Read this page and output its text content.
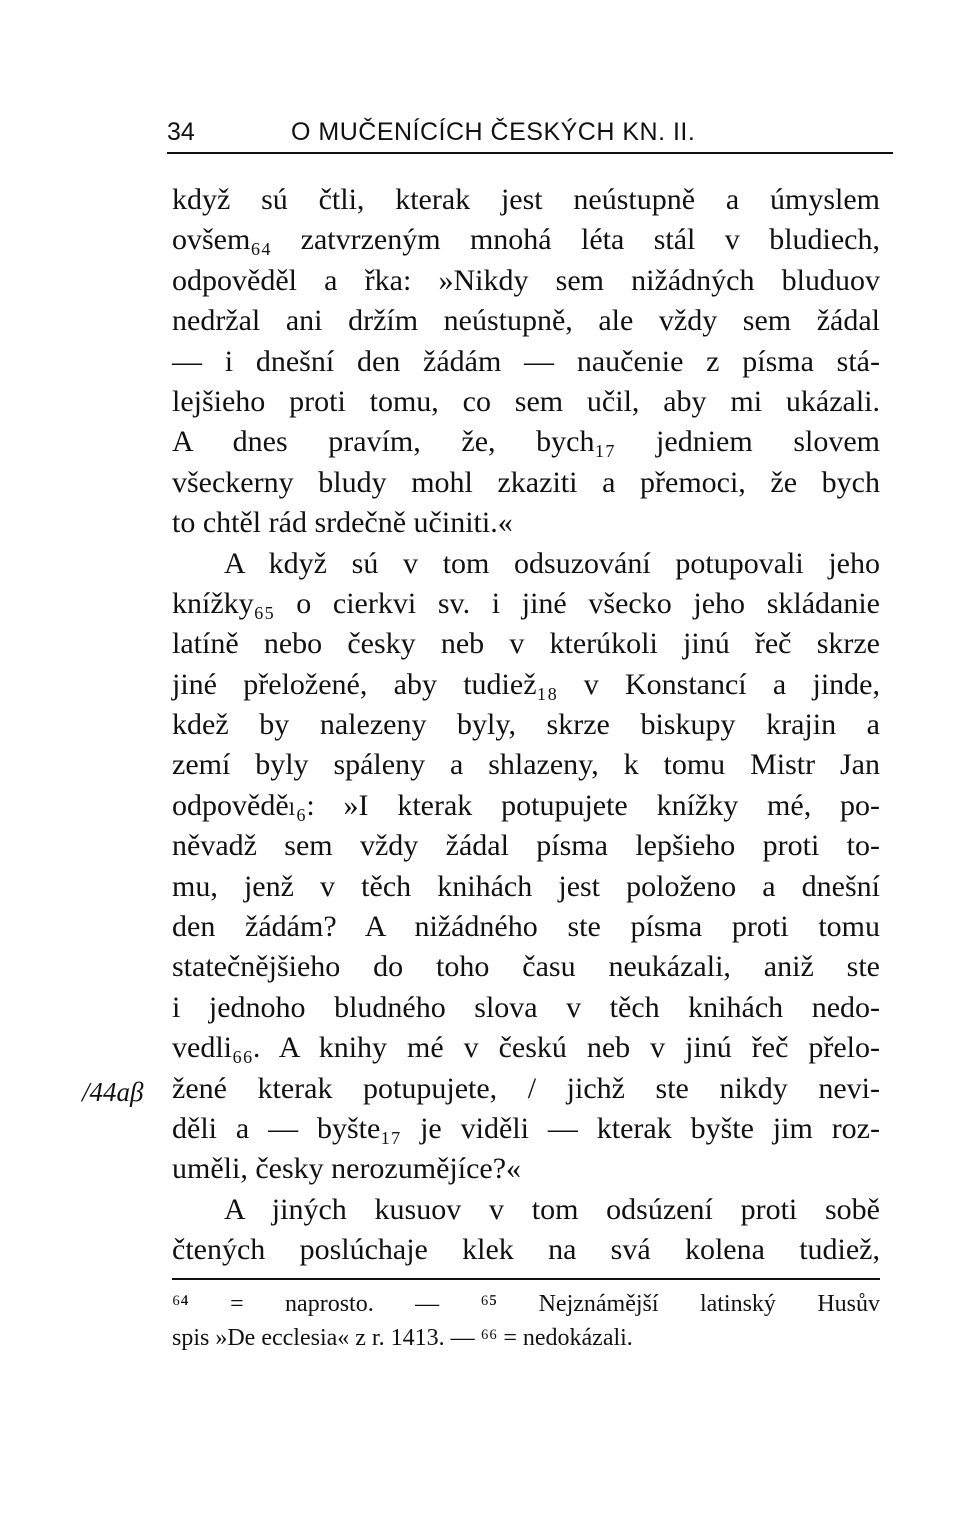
34	O MUČENÍCÍCH ČESKÝCH KN. II.
/44aβ
když sú čtli, kterak jest neústupně a úmyslem
ovšem₆₄ zatvrzeným mnohá léta stál v bludiech,
odpověděl a řka: »Nikdy sem nižádných bluduov
nedržal ani držím neústupně, ale vždy sem žádal
— i dnešní den žádám — naučenie z písma stá-
lejšieho proti tomu, co sem učil, aby mi ukázali.
A dnes pravím, že, bych₁₇ jedniem slovem
všeckerny bludy mohl zkaziti a přemoci, že bych
to chtěl rád srdečně učiniti.«
A když sú v tom odsuzování potupovali jeho
knížky₆₅ o cierkvi sv. i jiné všecko jeho skládanie
latíně nebo česky neb v kterúkoli jinú řeč skrze
jiné přeložené, aby tudiež₁₈ v Konstancí a jinde,
kdež by nalezeny byly, skrze biskupy krajin a
zemí byly spáleny a shlazeny, k tomu Mistr Jan
odpověděₗ₆: »I kterak potupujete knížky mé, po-
něvadž sem vždy žádal písma lepšieho proti to-
mu, jenž v těch knihách jest položeno a dnešní
den žádám? A nižádného ste písma proti tomu
statečnějšieho do toho času neukázali, aniž ste
i jednoho bludného slova v těch knihách nedo-
vedli₆₆. A knihy mé v českú neb v jinú řeč přelo-
žené kterak potupujete, / jichž ste nikdy nevi-
děli a — byšte₁₇ je viděli — kterak byšte jim roz-
uměli, česky nerozumějíce?«
A jiných kusuov v tom odsúzení proti sobě
čtených poslúchaje klek na svá kolena tudiež,
⁶⁴ = naprosto. — ⁶⁵ Nejznámější latinský Husův
spis »De ecclesia« z r. 1413. — ⁶⁶ = nedokázali.
